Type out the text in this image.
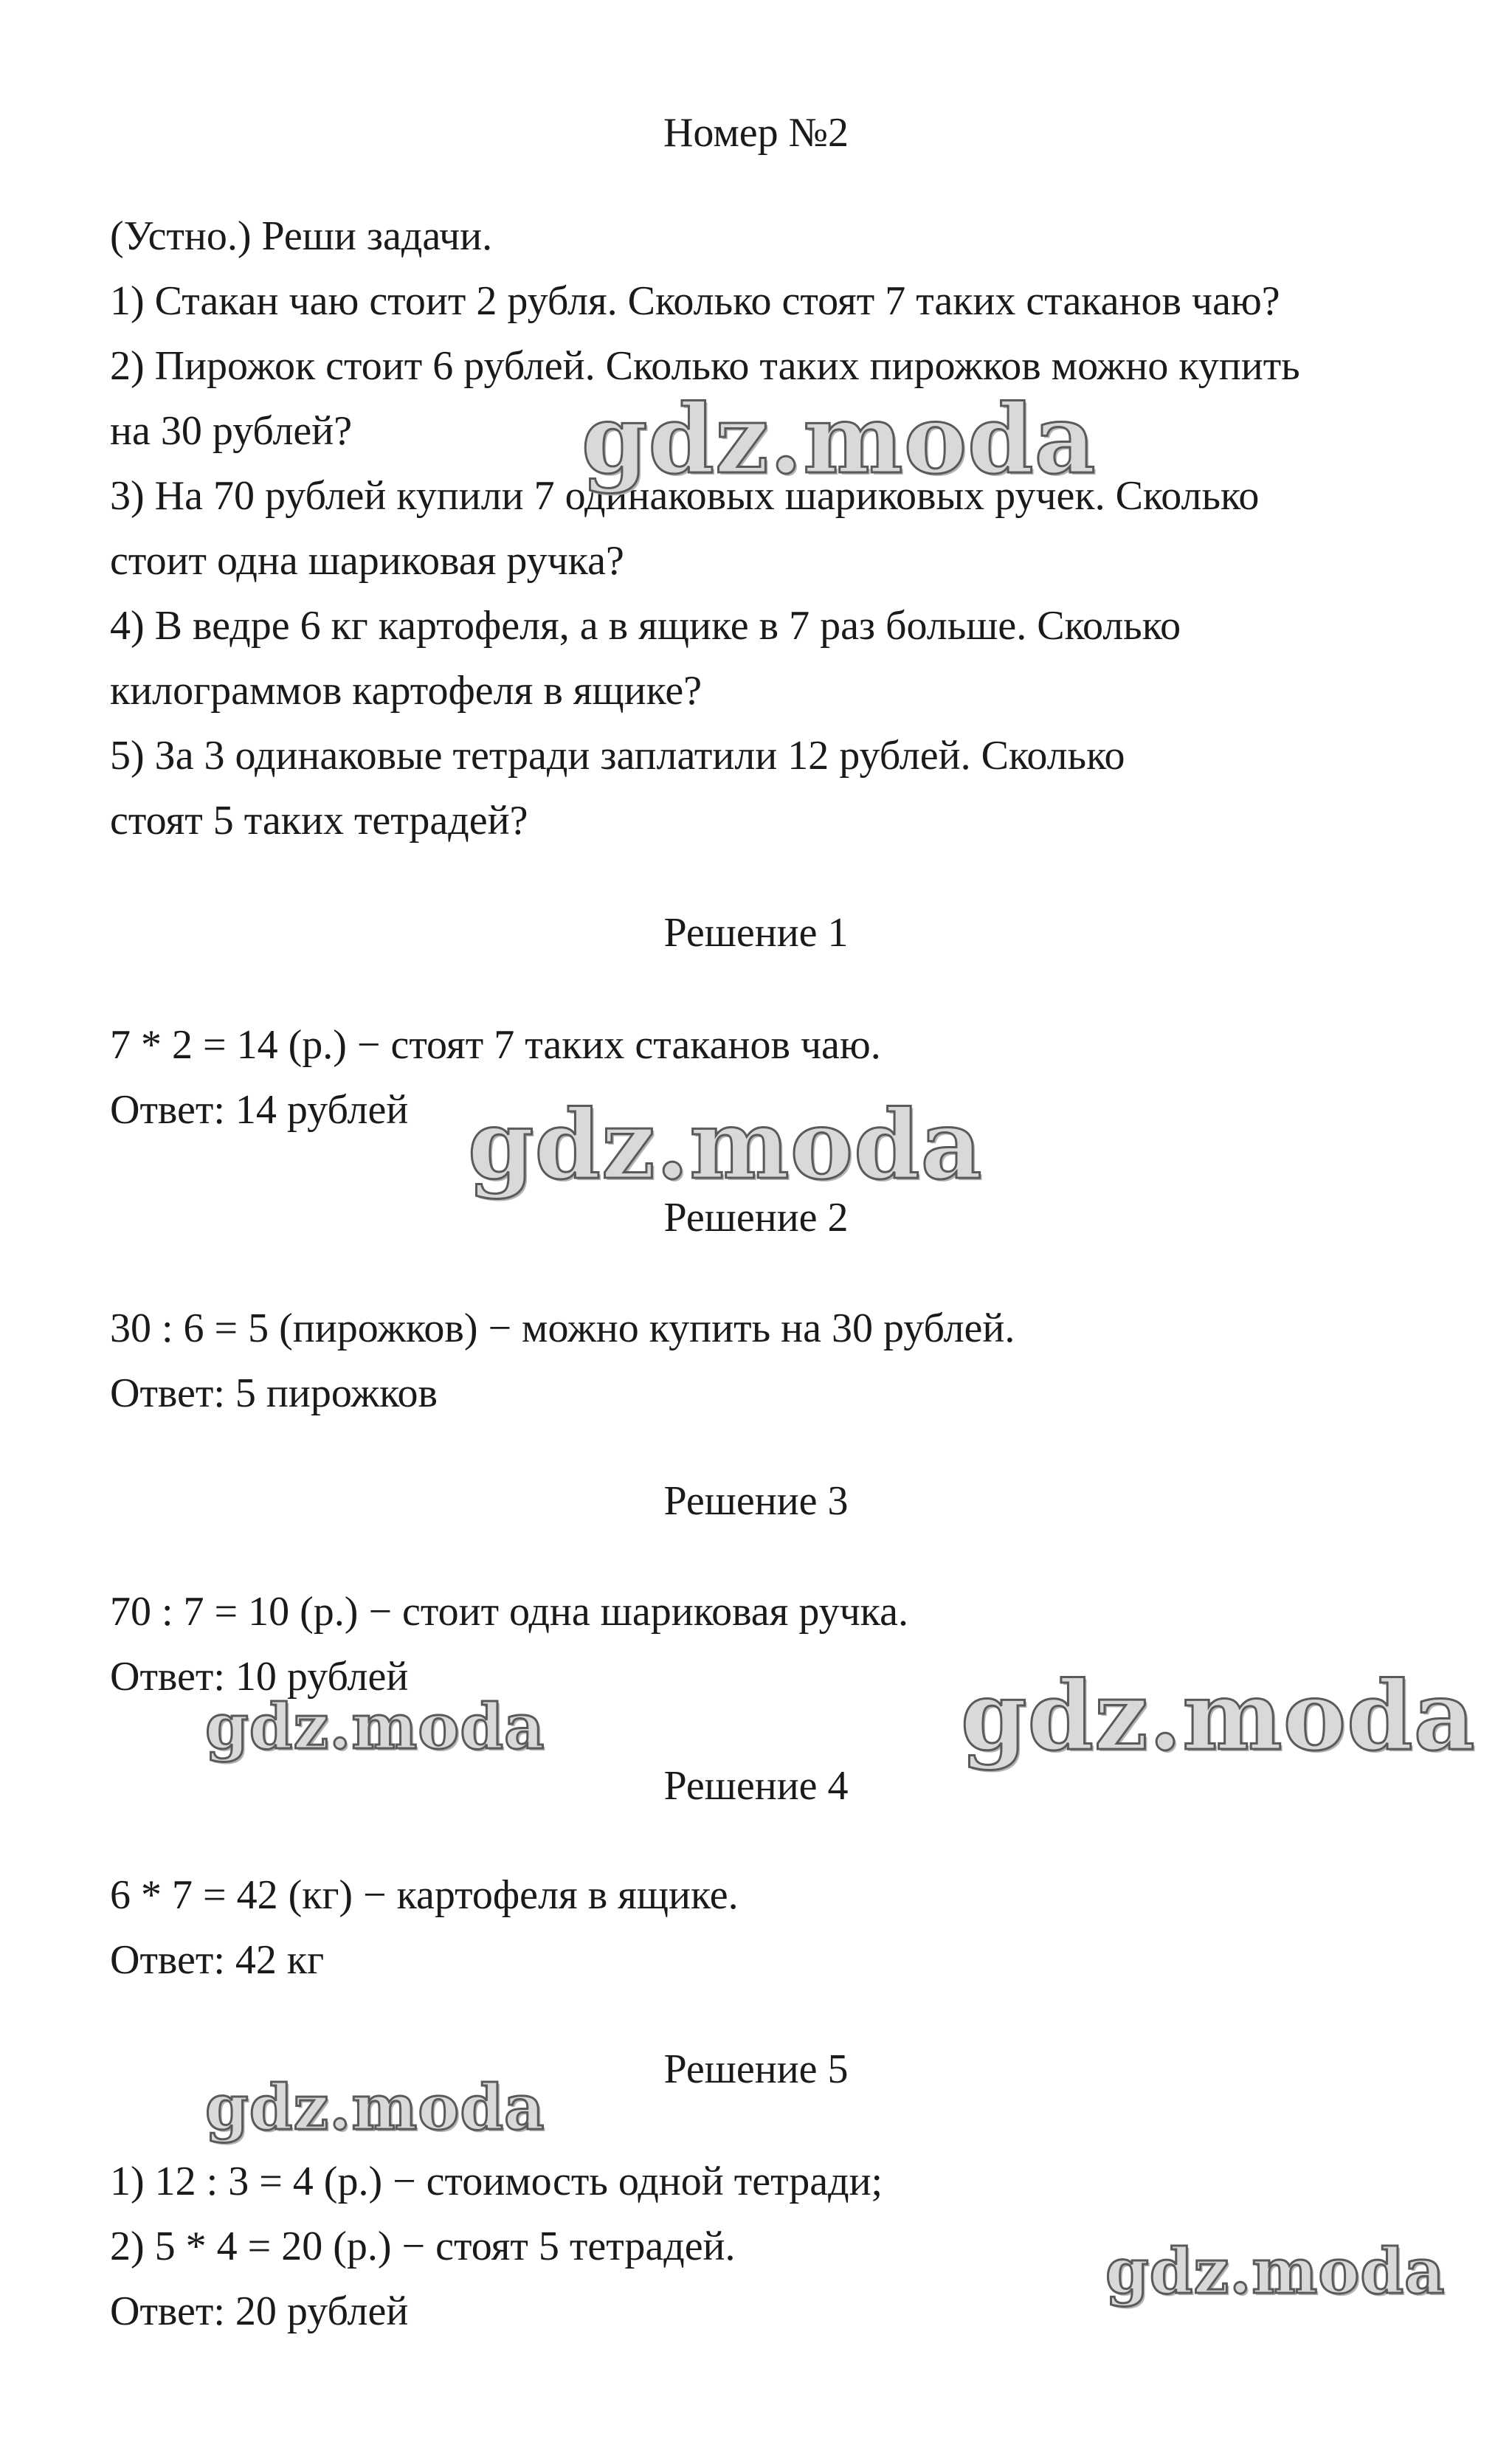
Номер №2
(Устно.) Реши задачи.
1) Стакан чаю стоит 2 рубля. Сколько стоят 7 таких стаканов чаю?
2) Пирожок стоит 6 рублей. Сколько таких пирожков можно купить
на 30 рублей?
3) На 70 рублей купили 7 одинаковых шариковых ручек. Сколько
стоит одна шариковая ручка?
4) В ведре 6 кг картофеля, а в ящике в 7 раз больше. Сколько
килограммов картофеля в ящике?
5) За 3 одинаковые тетради заплатили 12 рублей. Сколько
стоят 5 таких тетрадей?
Решение 1
7 * 2 = 14 (р.) − стоят 7 таких стаканов чаю.
Ответ: 14 рублей
Решение 2
30 : 6 = 5 (пирожков) − можно купить на 30 рублей.
Ответ: 5 пирожков
Решение 3
70 : 7 = 10 (р.) − стоит одна шариковая ручка.
Ответ: 10 рублей
Решение 4
6 * 7 = 42 (кг) − картофеля в ящике.
Ответ: 42 кг
Решение 5
1) 12 : 3 = 4 (р.) − стоимость одной тетради;
2) 5 * 4 = 20 (р.) − стоят 5 тетрадей.
Ответ: 20 рублей
gdz.moda
gdz.moda
gdz.moda	gdz.moda
gdz.moda
gdz.moda
